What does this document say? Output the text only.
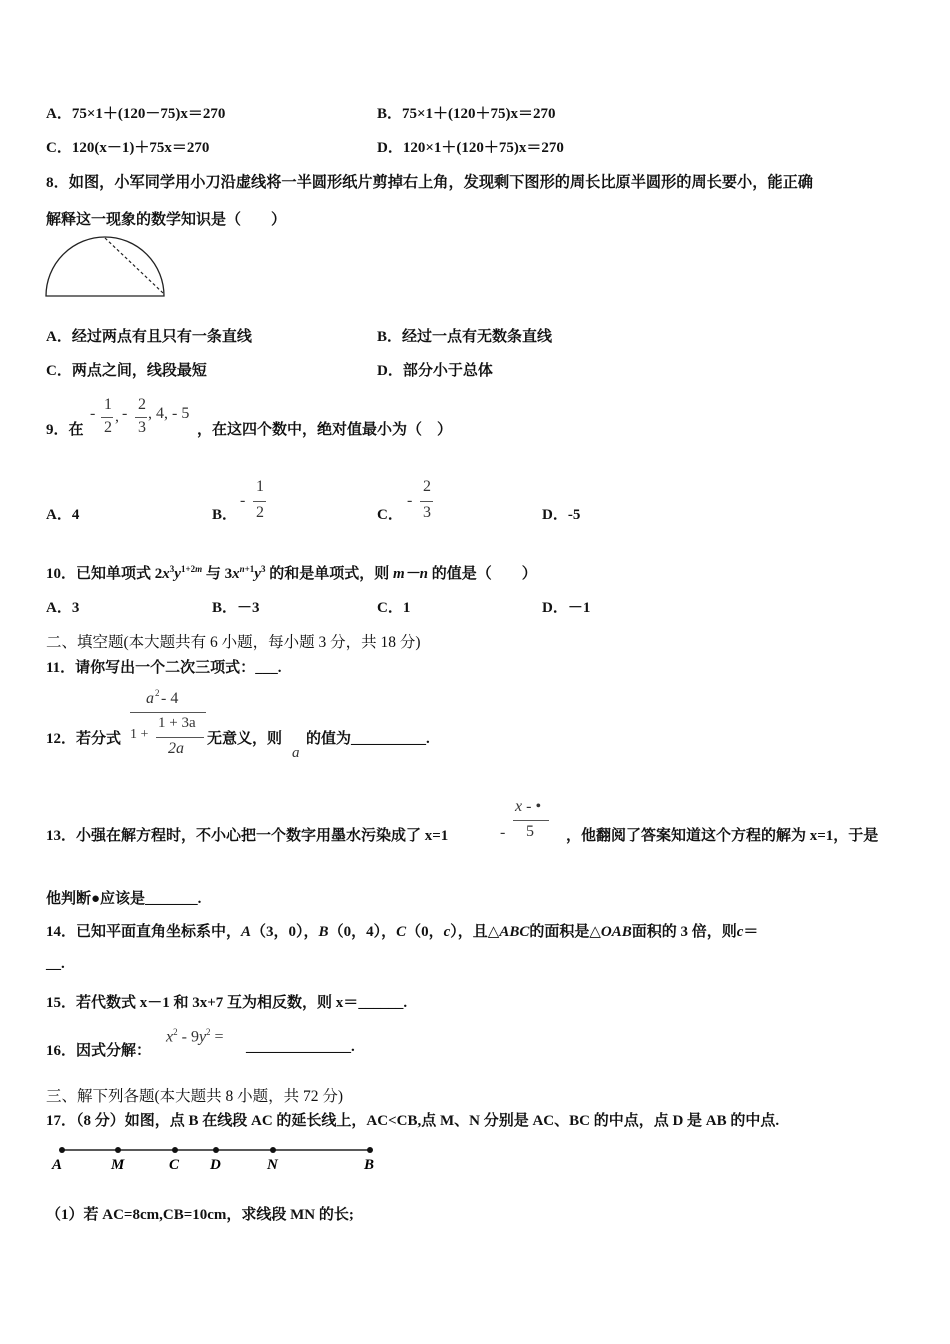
A．75×1＋(120－75)x＝270	B．75×1＋(120＋75)x＝270
C．120(x－1)＋75x＝270	D．120×1＋(120＋75)x＝270
8．如图，小军同学用小刀沿虚线将一半圆形纸片剪掉右上角，发现剩下图形的周长比原半圆形的周长要小，能正确
解释这一现象的数学知识是（　　）
A．经过两点有且只有一条直线	B．经过一点有无数条直线
C．两点之间，线段最短	D．部分小于总体
9．在
-
1
2
, -
2
3
, 4, - 5
，在这四个数中，绝对值最小为（　）
A．4	B．
-
1
2	C．
-
2
3	D．-5
10．已知单项式 $2x^3y^{1+2m}$ 与 $3x^{n+1}y^3$ 的和是单项式，则 m－n 的值是（　　）
A．3	B．－3	C．1	D．－1
二、填空题(本大题共有 6 小题，每小题 3 分，共 18 分)
11．请你写出一个二次三项式：___.
12．若分式
a 2 - 4
1 +
1 + 3a
2a
无意义，则
a
的值为__________.
13．小强在解方程时，不小心把一个数字用墨水污染成了 x=1	-
x - •
5 ，他翻阅了答案知道这个方程的解为 x=1，于是
他判断●应该是_______.
14．已知平面直角坐标系中，A（3，0），B（0，4），C（0，c），且△ABC的面积是△OAB面积的 3 倍，则c＝
__.
15．若代数式 x－1 和 3x+7 互为相反数，则 x＝______.
16．因式分解：
$x^2 - 9y^2$ =
______________.
三、解下列各题(本大题共 8 小题，共 72 分)
17．（8 分）如图，点 B 在线段 AC 的延长线上，AC<CB,点 M、N 分别是 AC、BC 的中点，点 D 是 AB 的中点.
A	M	C D	N	B
（1）若 AC=8cm,CB=10cm，求线段 MN 的长;
